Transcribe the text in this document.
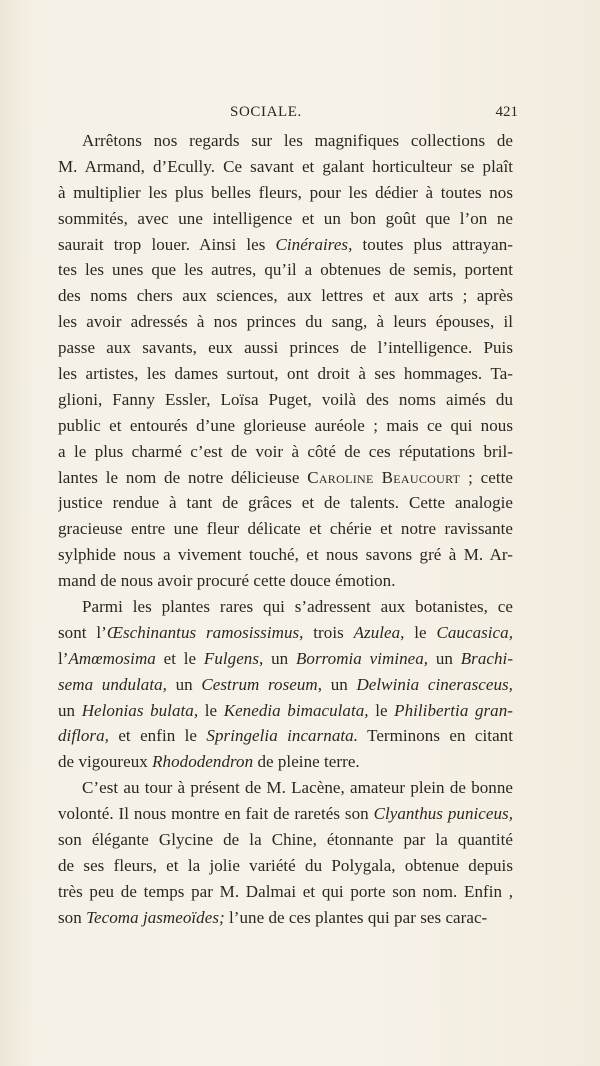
SOCIALE.	421
Arrêtons nos regards sur les magnifiques collections de
M. Armand, d’Ecully. Ce savant et galant horticulteur se plaît
à multiplier les plus belles fleurs, pour les dédier à toutes nos
sommités, avec une intelligence et un bon goût que l’on ne
saurait trop louer. Ainsi les Cinéraires, toutes plus attrayan-
tes les unes que les autres, qu’il a obtenues de semis, portent
des noms chers aux sciences, aux lettres et aux arts ; après
les avoir adressés à nos princes du sang, à leurs épouses, il
passe aux savants, eux aussi princes de l’intelligence. Puis
les artistes, les dames surtout, ont droit à ses hommages. Ta-
glioni, Fanny Essler, Loïsa Puget, voilà des noms aimés du
public et entourés d’une glorieuse auréole ; mais ce qui nous
a le plus charmé c’est de voir à côté de ces réputations bril-
lantes le nom de notre délicieuse Caroline Beaucourt ; cette
justice rendue à tant de grâces et de talents. Cette analogie
gracieuse entre une fleur délicate et chérie et notre ravissante
sylphide nous a vivement touché, et nous savons gré à M. Ar-
mand de nous avoir procuré cette douce émotion.
Parmi les plantes rares qui s’adressent aux botanistes, ce
sont l’Œschinantus ramosissimus, trois Azulea, le Caucasica,
l’Amœmosima et le Fulgens, un Borromia viminea, un Brachi-
sema undulata, un Cestrum roseum, un Delwinia cinerasceus,
un Helonias bulata, le Kenedia bimaculata, le Philibertia gran-
diflora, et enfin le Springelia incarnata. Terminons en citant
de vigoureux Rhododendron de pleine terre.
C’est au tour à présent de M. Lacène, amateur plein de bonne
volonté. Il nous montre en fait de raretés son Clyanthus puniceus,
son élégante Glycine de la Chine, étonnante par la quantité
de ses fleurs, et la jolie variété du Polygala, obtenue depuis
très peu de temps par M. Dalmai et qui porte son nom. Enfin ,
son Tecoma jasmeoïdes; l’une de ces plantes qui par ses carac-
